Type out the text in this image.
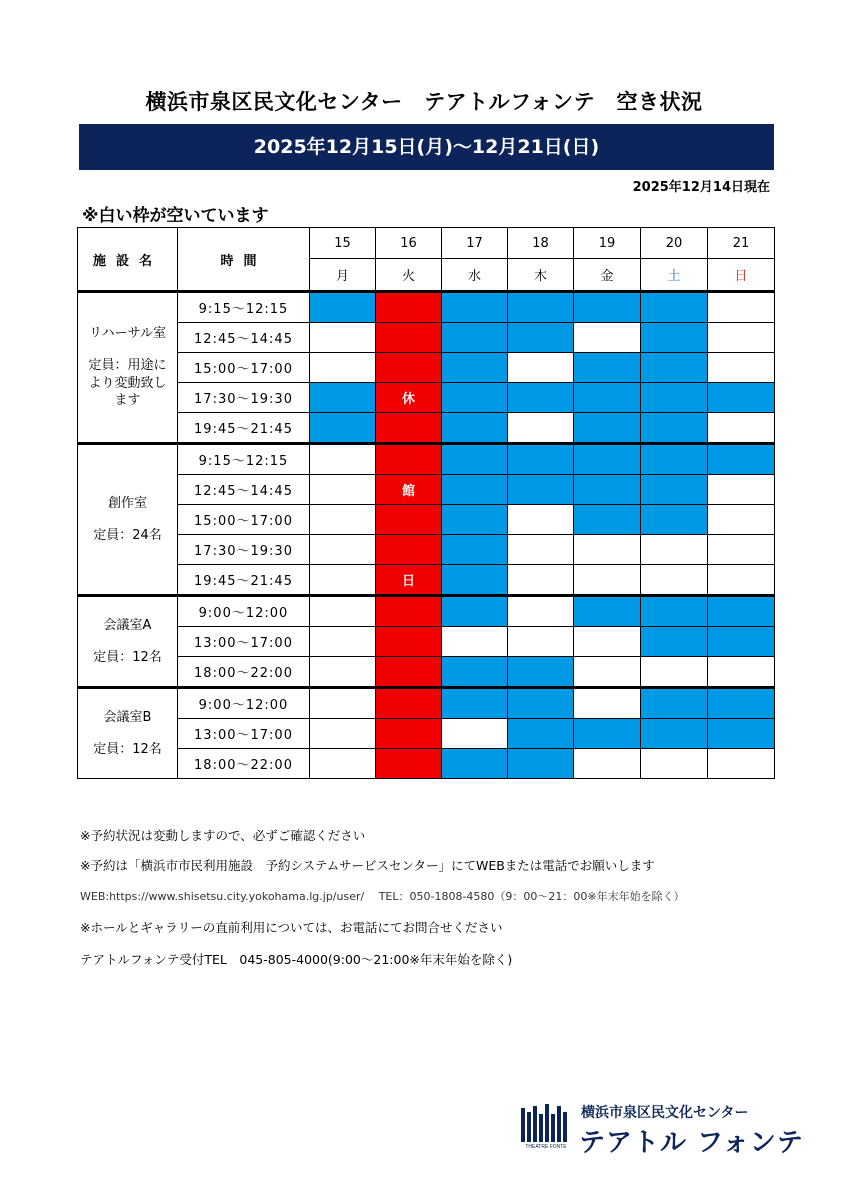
横浜市泉区民文化センター　テアトルフォンテ　空き状況
2025年12月15日(月)～12月21日(日)
2025年12月14日現在
※白い枠が空いています
施設名	時間	15	16	17	18	19	20	21
		月	火	水	木	金	土	日

リハーサル室
定員：用途により変動致します	9:15～12:15							
	12:45～14:45							
	15:00～17:00							
	17:30～19:30		休					
	19:45～21:45							

創作室
定員：24名	9:15～12:15							
	12:45～14:45		館					
	15:00～17:00							
	17:30～19:30							
	19:45～21:45		日					

会議室A
定員：12名	9:00～12:00							
	13:00～17:00							
	18:00～22:00							

会議室B
定員：12名	9:00～12:00							
	13:00～17:00							
	18:00～22:00							
※予約状況は変動しますので、必ずご確認ください
※予約は「横浜市市民利用施設　予約システムサービスセンター」にてWEBまたは電話でお願いします
WEB:https://www.shisetsu.city.yokohama.lg.jp/user/　 TEL：050-1808-4580（9：00～21：00※年末年始を除く）
※ホールとギャラリーの直前利用については、お電話にてお問合せください
テアトルフォンテ受付TEL　045-805-4000(9:00～21:00※年末年始を除く)
THEATRE FONTE
横浜市泉区民文化センター
テアトル フォンテ
